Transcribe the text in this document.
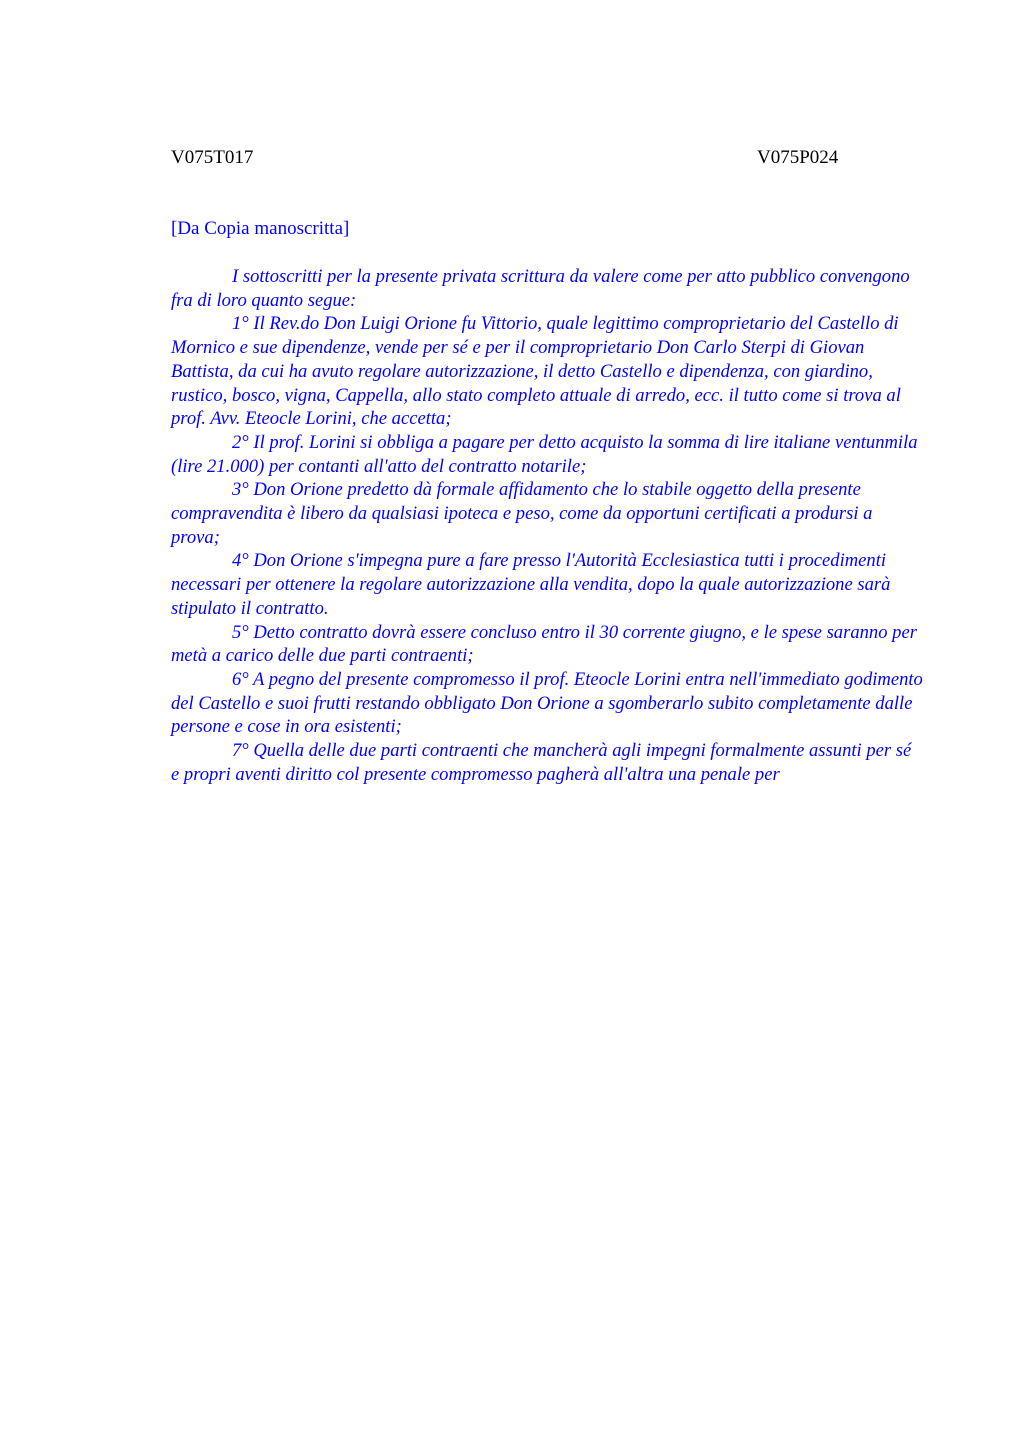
V075T017	V075P024

[Da Copia manoscritta]

I sottoscritti per la presente privata scrittura da valere come per atto pubblico convengono fra di loro quanto segue:

1° Il Rev.do Don Luigi Orione fu Vittorio, quale legittimo comproprietario del Castello di Mornico e sue dipendenze, vende per sé e per il comproprietario Don Carlo Sterpi di Giovan Battista, da cui ha avuto regolare autorizzazione, il detto Castello e dipendenza, con giardino, rustico, bosco, vigna, Cappella, allo stato completo attuale di arredo, ecc. il tutto come si trova al prof. Avv. Eteocle Lorini, che accetta;

2° Il prof. Lorini si obbliga a pagare per detto acquisto la somma di lire italiane ventunmila (lire 21.000) per contanti all'atto del contratto notarile;

3° Don Orione predetto dà formale affidamento che lo stabile oggetto della presente compravendita è libero da qualsiasi ipoteca e peso, come da opportuni certificati a prodursi a prova;

4° Don Orione s'impegna pure a fare presso l'Autorità Ecclesiastica tutti i procedimenti necessari per ottenere la regolare autorizzazione alla vendita, dopo la quale autorizzazione sarà stipulato il contratto.

5° Detto contratto dovrà essere concluso entro il 30 corrente giugno, e le spese saranno per metà a carico delle due parti contraenti;

6° A pegno del presente compromesso il prof. Eteocle Lorini entra nell'immediato godimento del Castello e suoi frutti restando obbligato Don Orione a sgomberarlo subito completamente dalle persone e cose in ora esistenti;

7° Quella delle due parti contraenti che mancherà agli impegni formalmente assunti per sé e propri aventi diritto col presente compromesso pagherà all'altra una penale per
